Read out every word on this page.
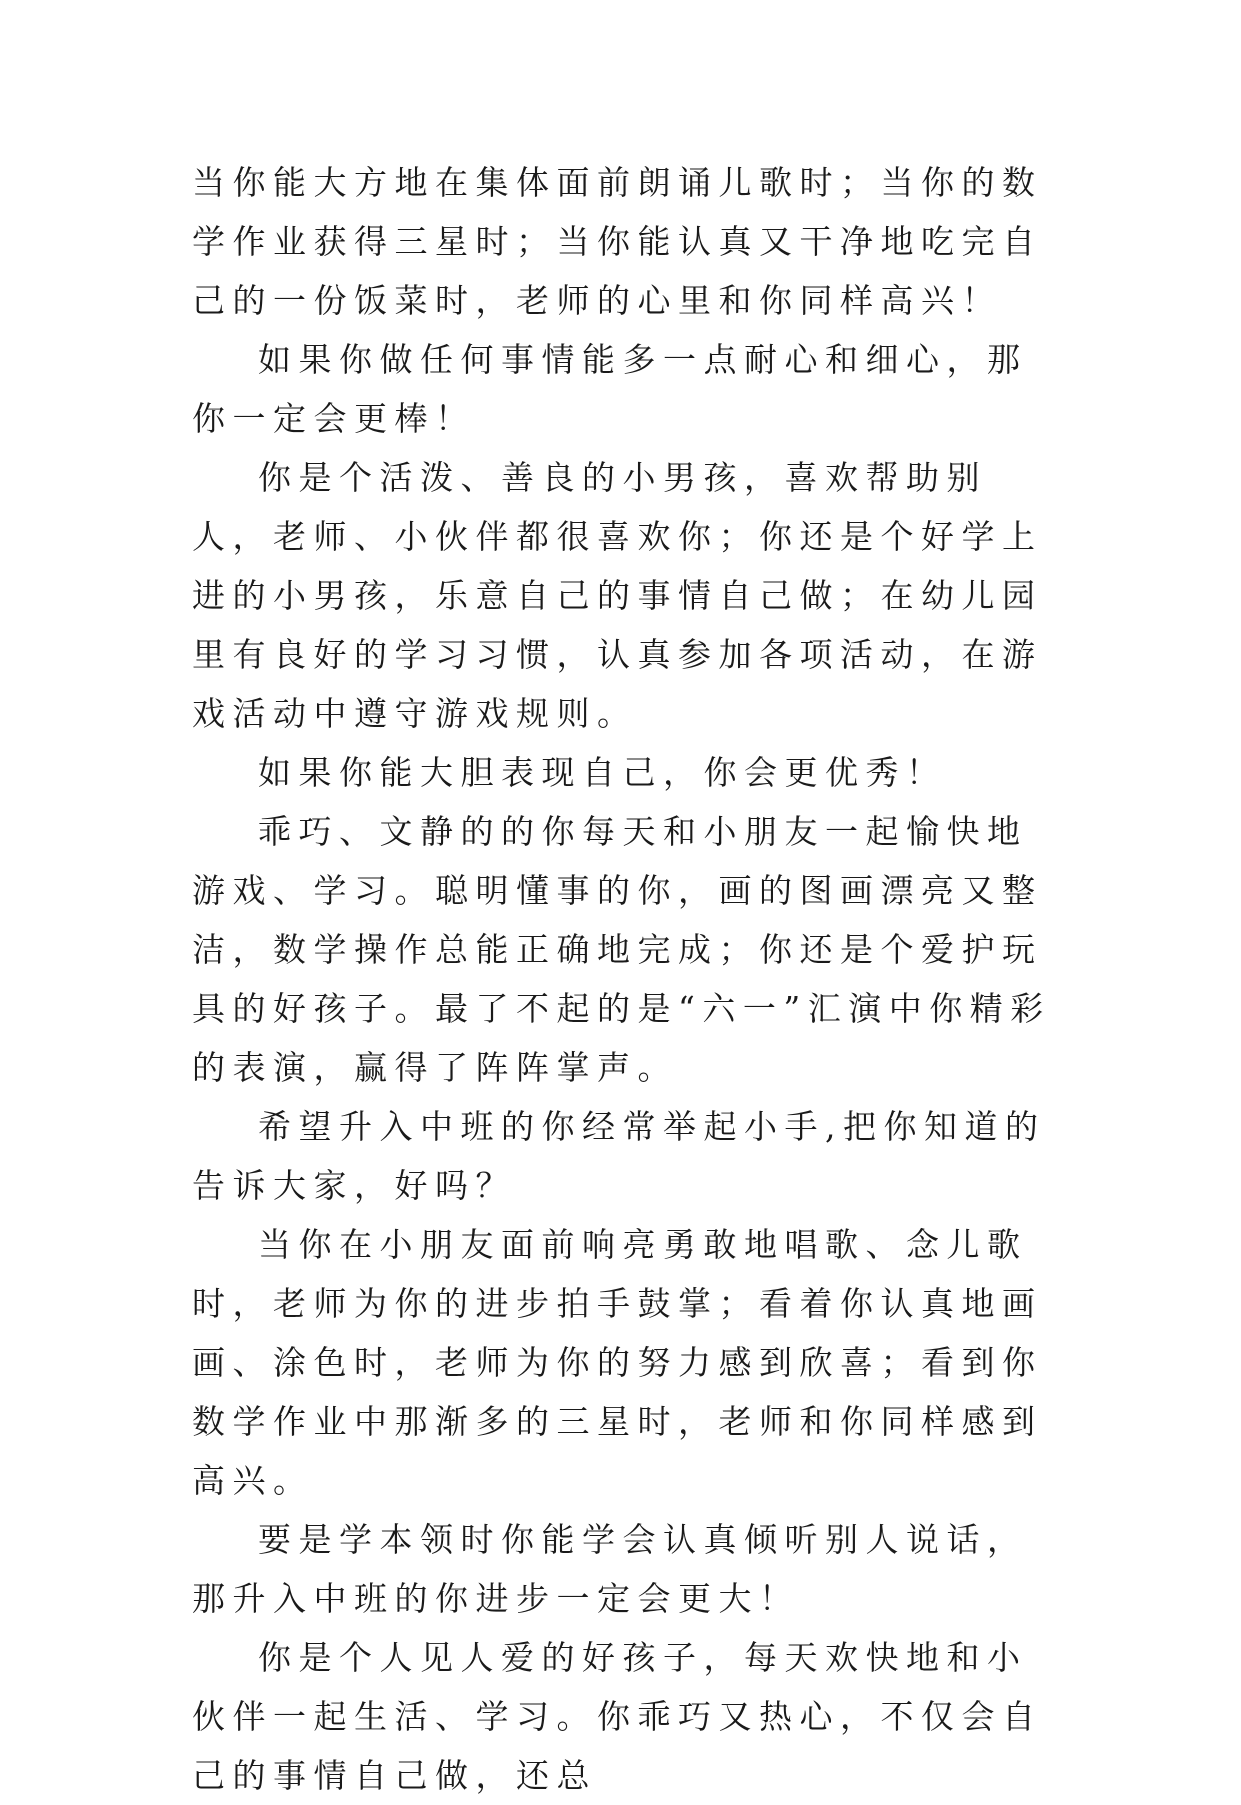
当你能大方地在集体面前朗诵儿歌时；当你的数学作业获得三星时；当你能认真又干净地吃完自己的一份饭菜时，老师的心里和你同样高兴！

如果你做任何事情能多一点耐心和细心，那你一定会更棒！

你是个活泼、善良的小男孩，喜欢帮助别人，老师、小伙伴都很喜欢你；你还是个好学上进的小男孩，乐意自己的事情自己做；在幼儿园里有良好的学习习惯，认真参加各项活动，在游戏活动中遵守游戏规则。

如果你能大胆表现自己，你会更优秀！

乖巧、文静的的你每天和小朋友一起愉快地游戏、学习。聪明懂事的你，画的图画漂亮又整洁，数学操作总能正确地完成；你还是个爱护玩具的好孩子。最了不起的是“六一”汇演中你精彩的表演，赢得了阵阵掌声。

希望升入中班的你经常举起小手,把你知道的告诉大家，好吗？

当你在小朋友面前响亮勇敢地唱歌、念儿歌时，老师为你的进步拍手鼓掌；看着你认真地画画、涂色时，老师为你的努力感到欣喜；看到你数学作业中那渐多的三星时，老师和你同样感到高兴。

要是学本领时你能学会认真倾听别人说话，那升入中班的你进步一定会更大！

你是个人见人爱的好孩子，每天欢快地和小伙伴一起生活、学习。你乖巧又热心，不仅会自己的事情自己做，还总
